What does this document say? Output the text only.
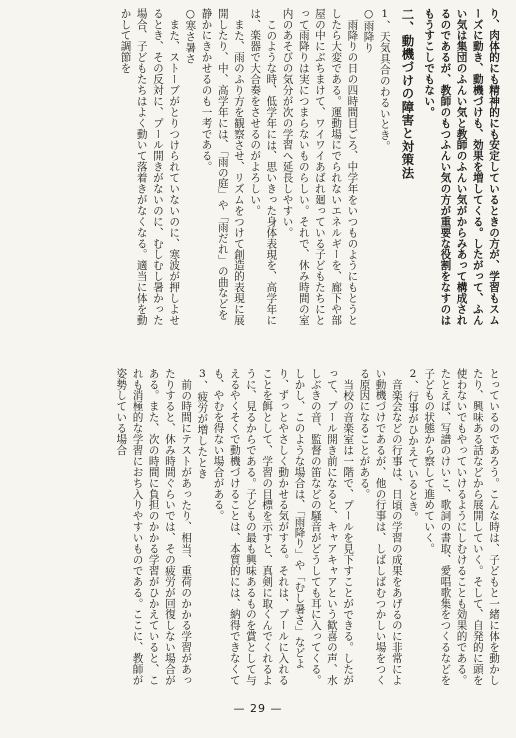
り、肉体的にも精神的にも安定しているときの方が、学習もスムーズに動き、動機づけも、効果を増してくる。したがって、ふんい気は集団のふんい気と教師のふんい気がからみあって構成されるのであるが、教師のもつふんい気の方が重要な役割をなすのはもうすこしでもない。

二、動機づけの障害と対策法

1、天気具合のわるいとき。

○雨降り

雨降りの日の四時間目ごろ、中学年をいつものようにもとうとしたら大変である。運動場にでられないエネルギーを、廊下や部屋の中にぶちまけて、ワイワイあばれ廻っている子どもたちにとって雨降りは実につまらないものらしい。それで、休み時間の室内のあそびの気分が次の学習へ延長しやすい。

このような時、低学年には、思いきった身体表現を、高学年には、楽器で大合奏をさせるのがよろしい。

また、雨のふり方を観察させ、リズムをつけて創造的表現に展開したり、中、高学年には、「雨の庭」や「雨だれ」の曲などを静かにきかせるのも一考である。

○寒さ暑さ

また、ストーブがとりつけられていないのに、寒波が押しよせるとき、その反対に、プール開きがないのに、むしむし暑かった場合、子どもたちはよく動いて落着きがなくなる。適当に体を動かして調節を

とっているのであろう。こんな時は、子どもと一緒に体を動かしたり、興味ある話などから展開していく。そして、自発的に頭を使わないでもやっていけるようにしむけることも効果的である。たとえば、写譜のけいこ、歌詞の書取、愛唱歌集をつくるなどを子どもの状態から察して進めていく。

2、行事がひかえているとき。

音楽会などの行事は、日頃の学習の成果をあげるのに非常によい動機づけであるが、他の行事は、しばしばむつかしい場をつくる原因になることがある。

当校の音楽室は一階で、プールを見下すことができる。したがって、プール開き前になると、キャアキャアという歓喜の声、水しぶきの音、監督の笛などの騒音がどうしても耳に入ってくる。しかし、このような場合は、「雨降り」や「むし暑さ」などより、ずっとやさしく動かせる気がする。それは、プールに入れることを餌として、学習の目標を示すと、真剣に取くんでくれるように、見るからである。子どもの最も興味あるものを賞として与えるやくそくで動機づけることは、本質的には、納得できなくても、やむを得ない場合がある。

3、疲労が増したとき

前の時間にテストがあったり、相当、重荷のかかる学習があったりすると、休み時間ぐらいでは、その疲労が回復しない場合がある。また、次の時間に負担のかかる学習がひかえていると、これも消極的な学習におち入りやすいものである。ここに、教師が姿勢している場合

— 29 —
